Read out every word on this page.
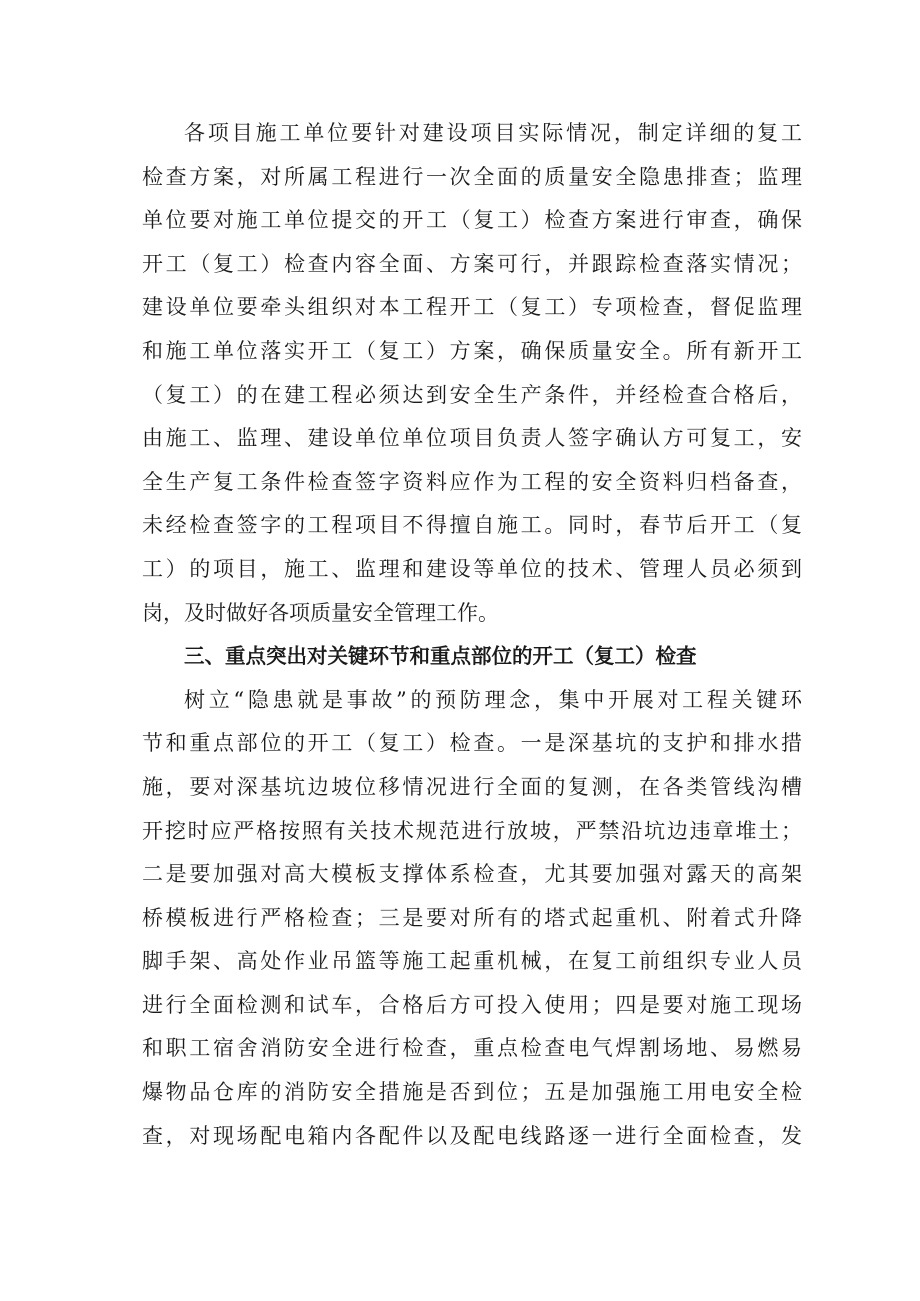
各项目施工单位要针对建设项目实际情况，制定详细的复工
检查方案，对所属工程进行一次全面的质量安全隐患排查；监理
单位要对施工单位提交的开工（复工）检查方案进行审查，确保
开工（复工）检查内容全面、方案可行，并跟踪检查落实情况；
建设单位要牵头组织对本工程开工（复工）专项检查，督促监理
和施工单位落实开工（复工）方案，确保质量安全。所有新开工
（复工）的在建工程必须达到安全生产条件，并经检查合格后，
由施工、监理、建设单位单位项目负责人签字确认方可复工，安
全生产复工条件检查签字资料应作为工程的安全资料归档备查，
未经检查签字的工程项目不得擅自施工。同时，春节后开工（复
工）的项目，施工、监理和建设等单位的技术、管理人员必须到
岗，及时做好各项质量安全管理工作。
三、重点突出对关键环节和重点部位的开工（复工）检查
树立“隐患就是事故”的预防理念，集中开展对工程关键环
节和重点部位的开工（复工）检查。一是深基坑的支护和排水措
施，要对深基坑边坡位移情况进行全面的复测，在各类管线沟槽
开挖时应严格按照有关技术规范进行放坡，严禁沿坑边违章堆土；
二是要加强对高大模板支撑体系检查，尤其要加强对露天的高架
桥模板进行严格检查；三是要对所有的塔式起重机、附着式升降
脚手架、高处作业吊篮等施工起重机械，在复工前组织专业人员
进行全面检测和试车，合格后方可投入使用；四是要对施工现场
和职工宿舍消防安全进行检查，重点检查电气焊割场地、易燃易
爆物品仓库的消防安全措施是否到位；五是加强施工用电安全检
查，对现场配电箱内各配件以及配电线路逐一进行全面检查，发
